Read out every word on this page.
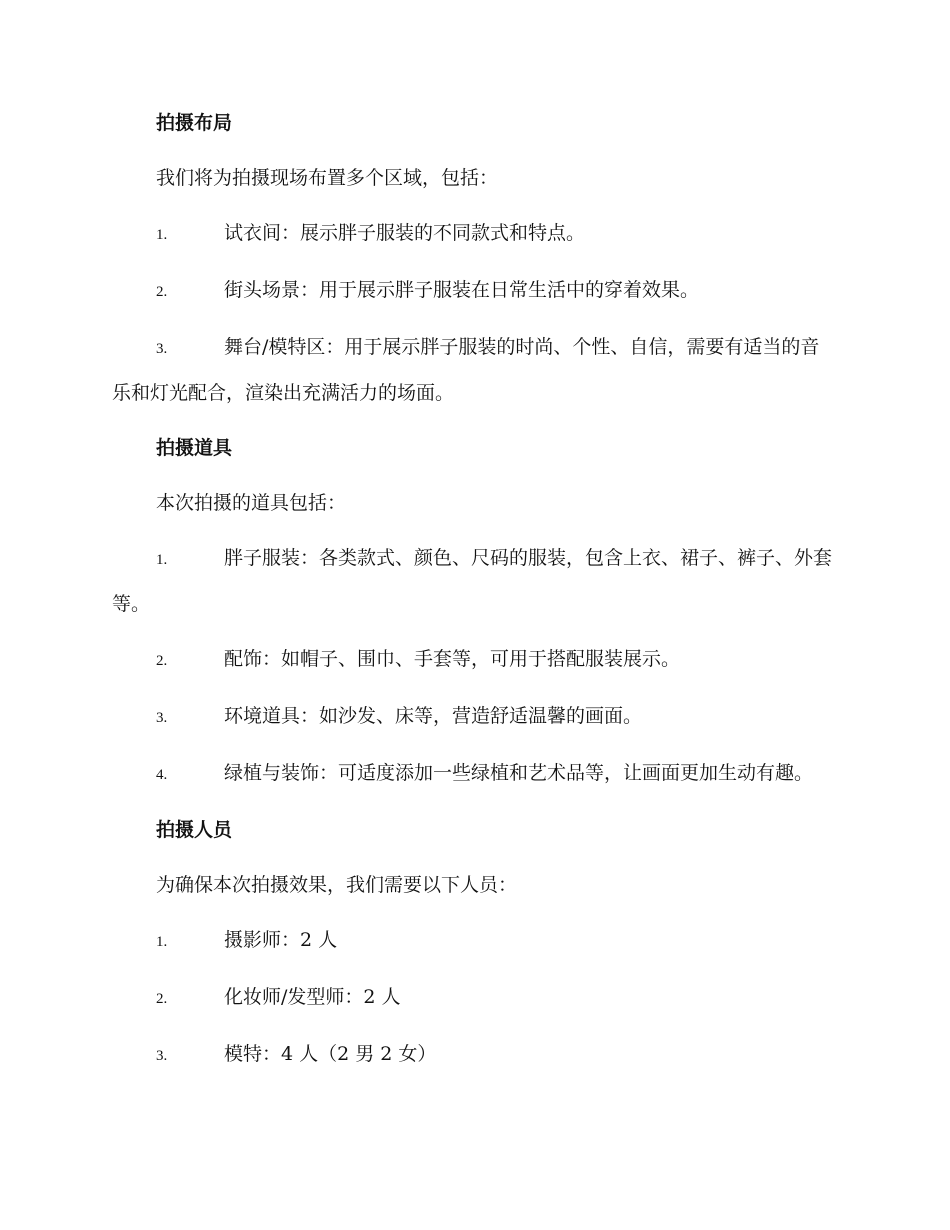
拍摄布局

我们将为拍摄现场布置多个区域，包括：

1.	试衣间：展示胖子服装的不同款式和特点。

2.	街头场景：用于展示胖子服装在日常生活中的穿着效果。

3.	舞台/模特区：用于展示胖子服装的时尚、个性、自信，需要有适当的音乐和灯光配合，渲染出充满活力的场面。

拍摄道具

本次拍摄的道具包括：

1.	胖子服装：各类款式、颜色、尺码的服装，包含上衣、裙子、裤子、外套等。

2.	配饰：如帽子、围巾、手套等，可用于搭配服装展示。

3.	环境道具：如沙发、床等，营造舒适温馨的画面。

4.	绿植与装饰：可适度添加一些绿植和艺术品等，让画面更加生动有趣。

拍摄人员

为确保本次拍摄效果，我们需要以下人员：

1.	摄影师：2 人

2.	化妆师/发型师：2 人

3.	模特：4 人（2 男 2 女）
